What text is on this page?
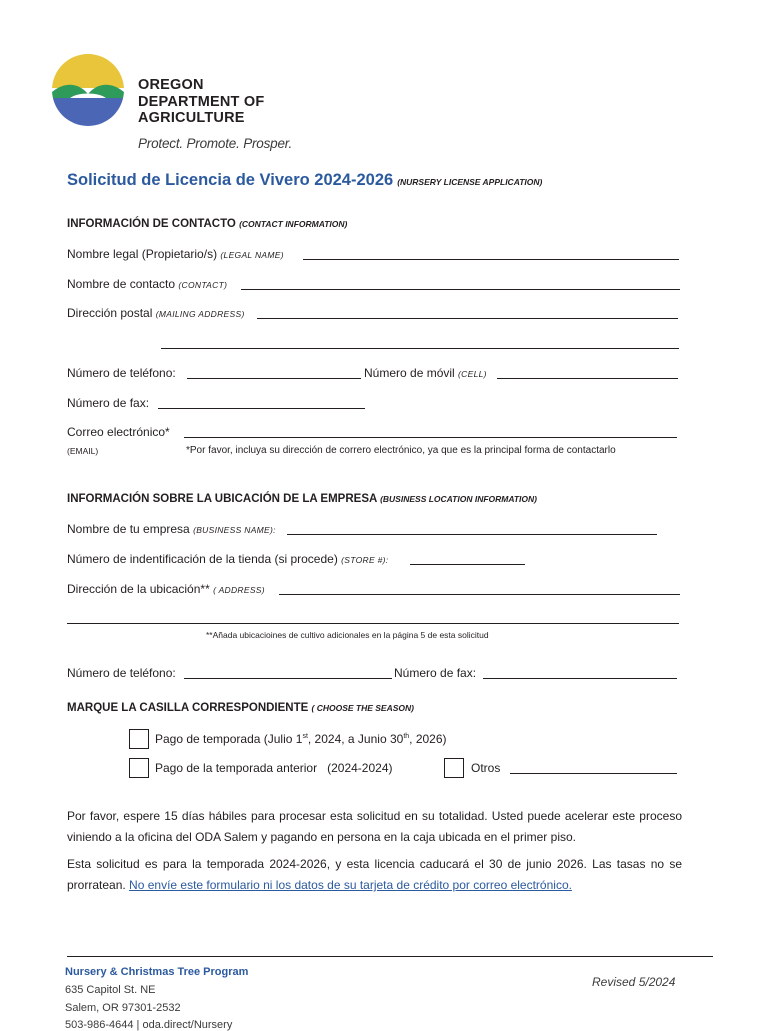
OREGON
DEPARTMENT OF
AGRICULTURE
Protect. Promote. Prosper.
Solicitud de Licencia de Vivero 2024-2026 (NURSERY LICENSE APPLICATION)
INFORMACIÓN DE CONTACTO (CONTACT INFORMATION)
Nombre legal (Propietario/s) (LEGAL NAME)
Nombre de contacto (CONTACT)
Dirección postal (MAILING ADDRESS)
Número de teléfono:	Número de móvil (CELL)
Número de fax:
Correo electrónico*
(EMAIL)	*Por favor, incluya su dirección de correro electrónico, ya que es la principal forma de contactarlo
INFORMACIÓN SOBRE LA UBICACIÓN DE LA EMPRESA (BUSINESS LOCATION INFORMATION)
Nombre de tu empresa (BUSINESS NAME):
Número de indentificación de la tienda (si procede) (STORE #):
Dirección de la ubicación** ( ADDRESS)
**Añada ubicacioines de cultivo adicionales en la página 5 de esta solicitud
Número de teléfono:	Número de fax:
MARQUE LA CASILLA CORRESPONDIENTE ( CHOOSE THE SEASON)
Pago de temporada (Julio 1st, 2024, a Junio 30th, 2026)
Pago de la temporada anterior   (2024-2024)	Otros

Por favor, espere 15 días hábiles para procesar esta solicitud en su totalidad. Usted puede acelerar este proceso viniendo a la oficina del ODA Salem y pagando en persona en la caja ubicada en el primer piso.

Esta solicitud es para la temporada 2024-2026, y esta licencia caducará el 30 de junio 2026. Las tasas no se prorratean. No envíe este formulario ni los datos de su tarjeta de crédito por correo electrónico.

Nursery & Christmas Tree Program
635 Capitol St. NE
Salem, OR 97301-2532
503-986-4644 | oda.direct/Nursery
Revised 5/2024
